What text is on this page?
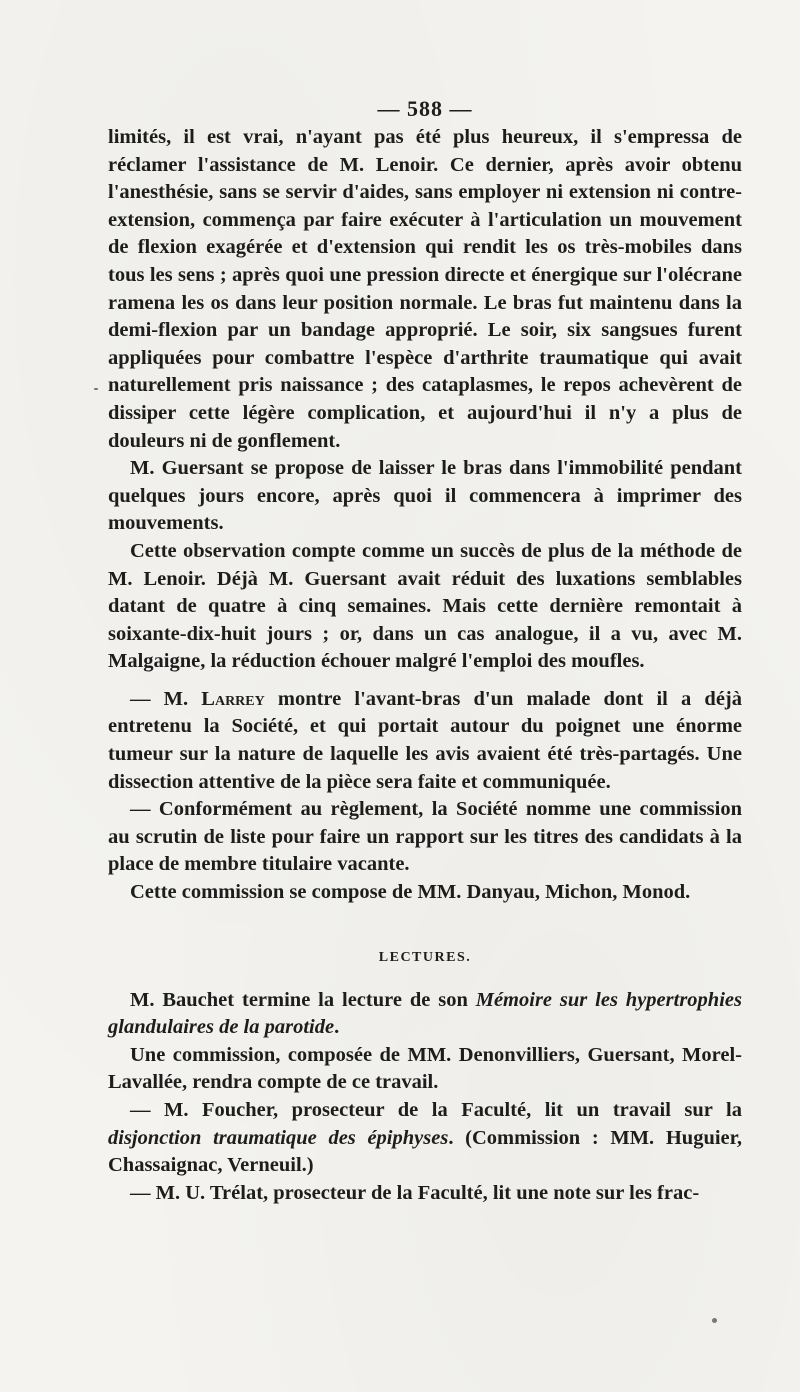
— 588 —

limités, il est vrai, n'ayant pas été plus heureux, il s'empressa de réclamer l'assistance de M. Lenoir. Ce dernier, après avoir obtenu l'anesthésie, sans se servir d'aides, sans employer ni extension ni contre-extension, commença par faire exécuter à l'articulation un mouvement de flexion exagérée et d'extension qui rendit les os très-mobiles dans tous les sens ; après quoi une pression directe et énergique sur l'olécrane ramena les os dans leur position normale. Le bras fut maintenu dans la demi-flexion par un bandage approprié. Le soir, six sangsues furent appliquées pour combattre l'espèce d'arthrite traumatique qui avait naturellement pris naissance ; des cataplasmes, le repos achevèrent de dissiper cette légère complication, et aujourd'hui il n'y a plus de douleurs ni de gonflement.

M. Guersant se propose de laisser le bras dans l'immobilité pendant quelques jours encore, après quoi il commencera à imprimer des mouvements.

Cette observation compte comme un succès de plus de la méthode de M. Lenoir. Déjà M. Guersant avait réduit des luxations semblables datant de quatre à cinq semaines. Mais cette dernière remontait à soixante-dix-huit jours ; or, dans un cas analogue, il a vu, avec M. Malgaigne, la réduction échouer malgré l'emploi des moufles.

— M. Larrey montre l'avant-bras d'un malade dont il a déjà entretenu la Société, et qui portait autour du poignet une énorme tumeur sur la nature de laquelle les avis avaient été très-partagés. Une dissection attentive de la pièce sera faite et communiquée.

— Conformément au règlement, la Société nomme une commission au scrutin de liste pour faire un rapport sur les titres des candidats à la place de membre titulaire vacante.

Cette commission se compose de MM. Danyau, Michon, Monod.

LECTURES.

M. Bauchet termine la lecture de son Mémoire sur les hypertrophies glandulaires de la parotide.

Une commission, composée de MM. Denonvilliers, Guersant, Morel-Lavallée, rendra compte de ce travail.

— M. Foucher, prosecteur de la Faculté, lit un travail sur la disjonction traumatique des épiphyses. (Commission : MM. Huguier, Chassaignac, Verneuil.)

— M. U. Trélat, prosecteur de la Faculté, lit une note sur les frac-
